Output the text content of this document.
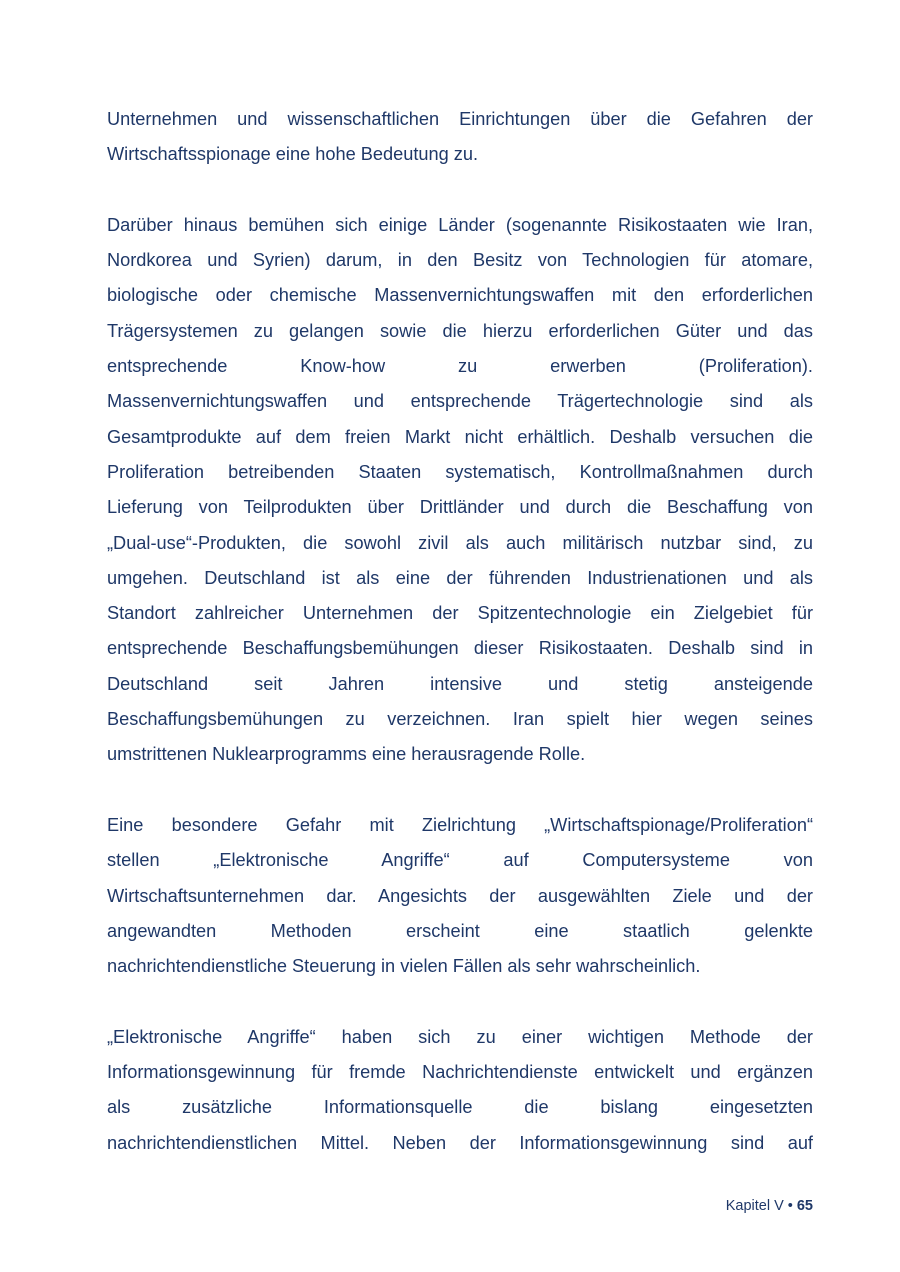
Unternehmen und wissenschaftlichen Einrichtungen über die Gefahren der
Wirtschaftsspionage eine hohe Bedeutung zu.
Darüber hinaus bemühen sich einige Länder (sogenannte Risikostaaten wie Iran,
Nordkorea und Syrien) darum, in den Besitz von Technologien für atomare,
biologische oder chemische Massenvernichtungswaffen mit den erforderlichen
Trägersystemen zu gelangen sowie die hierzu erforderlichen Güter und das
entsprechende Know-how zu erwerben (Proliferation).
Massenvernichtungswaffen und entsprechende Trägertechnologie sind als
Gesamtprodukte auf dem freien Markt nicht erhältlich. Deshalb versuchen die
Proliferation betreibenden Staaten systematisch, Kontrollmaßnahmen durch
Lieferung von Teilprodukten über Drittländer und durch die Beschaffung von
„Dual-use“-Produkten, die sowohl zivil als auch militärisch nutzbar sind, zu
umgehen. Deutschland ist als eine der führenden Industrienationen und als
Standort zahlreicher Unternehmen der Spitzentechnologie ein Zielgebiet für
entsprechende Beschaffungsbemühungen dieser Risikostaaten. Deshalb sind in
Deutschland seit Jahren intensive und stetig ansteigende
Beschaffungsbemühungen zu verzeichnen. Iran spielt hier wegen seines
umstrittenen Nuklearprogramms eine herausragende Rolle.
Eine besondere Gefahr mit Zielrichtung „Wirtschaftspionage/Proliferation“
stellen „Elektronische Angriffe“ auf Computersysteme von
Wirtschaftsunternehmen dar. Angesichts der ausgewählten Ziele und der
angewandten Methoden erscheint eine staatlich gelenkte
nachrichtendienstliche Steuerung in vielen Fällen als sehr wahrscheinlich.
„Elektronische Angriffe“ haben sich zu einer wichtigen Methode der
Informationsgewinnung für fremde Nachrichtendienste entwickelt und ergänzen
als zusätzliche Informationsquelle die bislang eingesetzten
nachrichtendienstlichen Mittel. Neben der Informationsgewinnung sind auf
Kapitel V • 65
